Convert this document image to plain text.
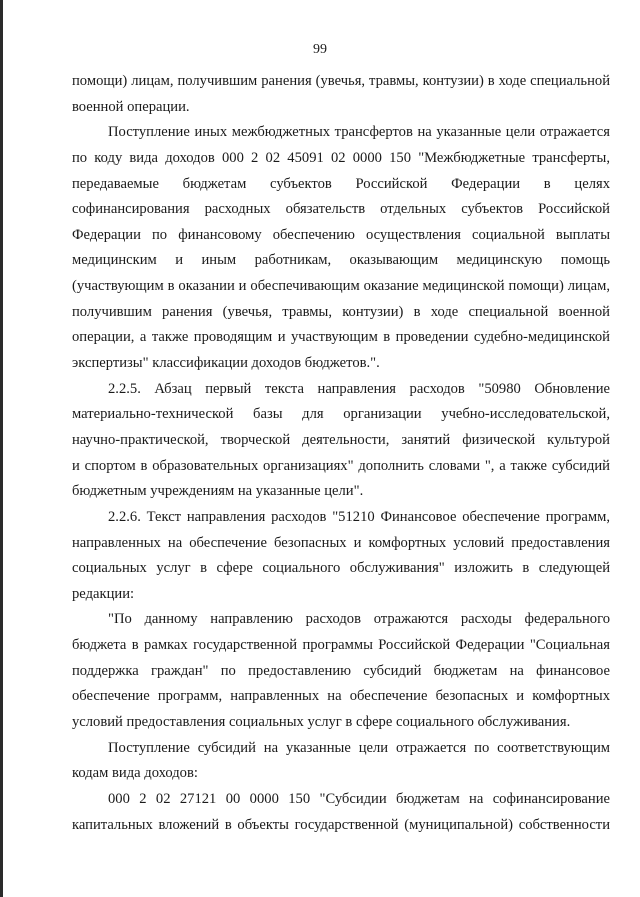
99
помощи) лицам, получившим ранения (увечья, травмы, контузии) в ходе специальной
военной операции.
Поступление иных межбюджетных трансфертов на указанные цели отражается
по коду вида доходов 000 2 02 45091 02 0000 150 "Межбюджетные трансферты,
передаваемые бюджетам субъектов Российской Федерации в целях
софинансирования расходных обязательств отдельных субъектов Российской
Федерации по финансовому обеспечению осуществления социальной выплаты
медицинским и иным работникам, оказывающим медицинскую помощь
(участвующим в оказании и обеспечивающим оказание медицинской помощи) лицам,
получившим ранения (увечья, травмы, контузии) в ходе специальной военной
операции, а также проводящим и участвующим в проведении судебно-медицинской
экспертизы" классификации доходов бюджетов.".
2.2.5. Абзац первый текста направления расходов "50980 Обновление
материально-технической базы для организации учебно-исследовательской,
научно-практической, творческой деятельности, занятий физической культурой
и спортом в образовательных организациях" дополнить словами ", а также субсидий
бюджетным учреждениям на указанные цели".
2.2.6. Текст направления расходов "51210 Финансовое обеспечение программ,
направленных на обеспечение безопасных и комфортных условий предоставления
социальных услуг в сфере социального обслуживания" изложить в следующей
редакции:
"По данному направлению расходов отражаются расходы федерального
бюджета в рамках государственной программы Российской Федерации "Социальная
поддержка граждан" по предоставлению субсидий бюджетам на финансовое
обеспечение программ, направленных на обеспечение безопасных и комфортных
условий предоставления социальных услуг в сфере социального обслуживания.
Поступление субсидий на указанные цели отражается по соответствующим
кодам вида доходов:
000 2 02 27121 00 0000 150 "Субсидии бюджетам на софинансирование
капитальных вложений в объекты государственной (муниципальной) собственности
